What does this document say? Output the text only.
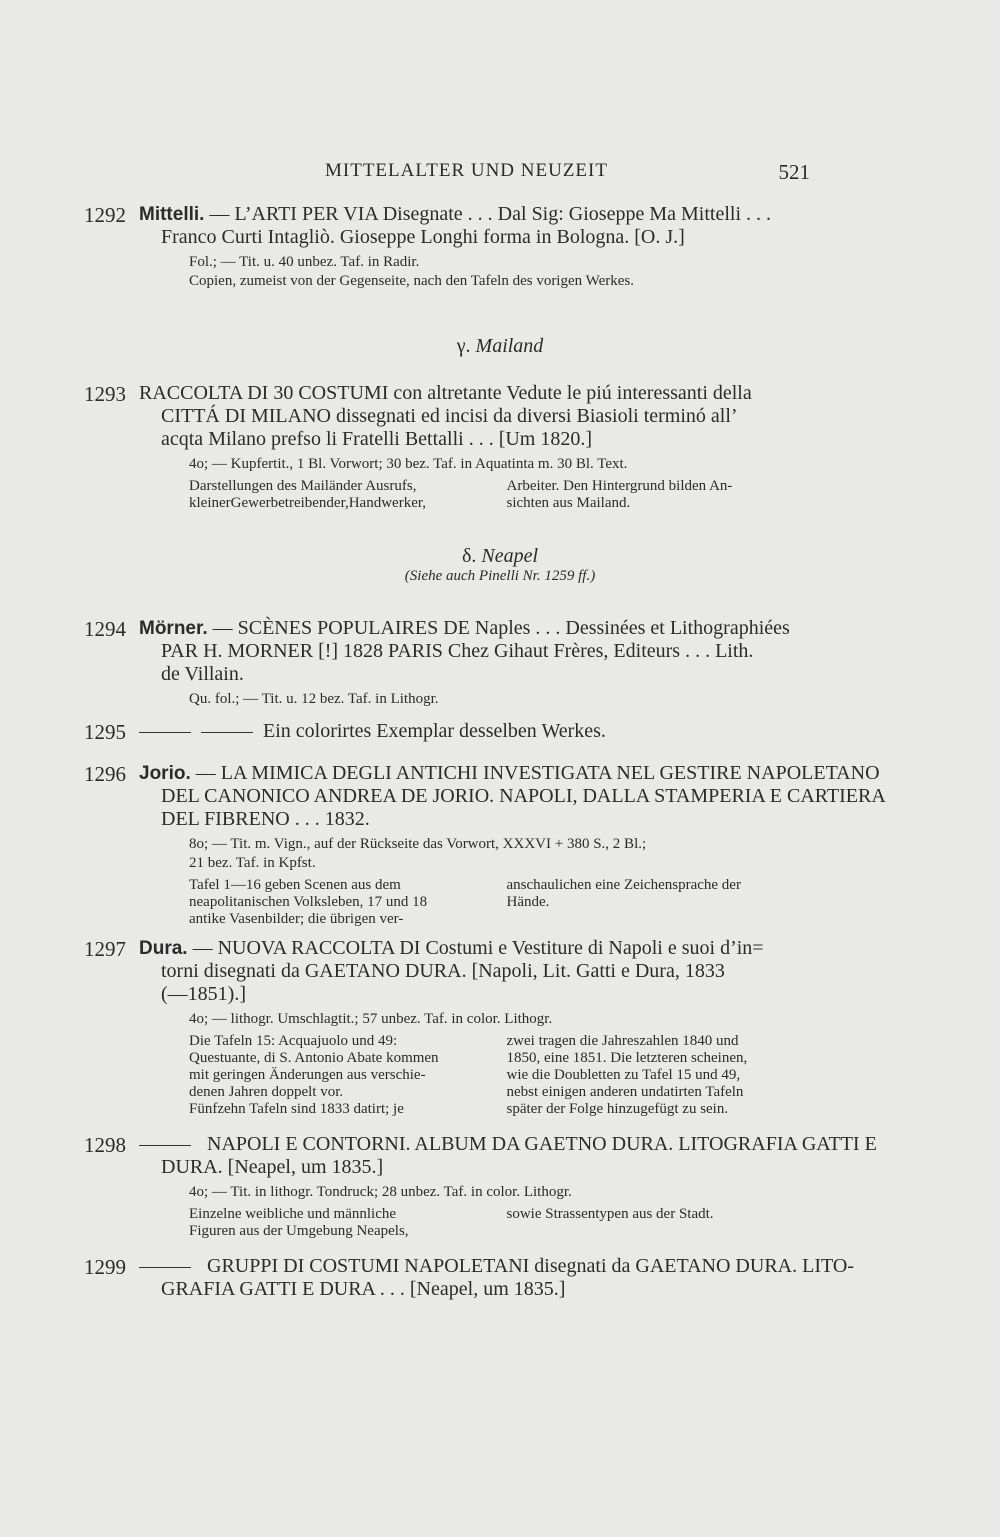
MITTELALTER UND NEUZEIT	521
1292 Mittelli. — L’ARTI PER VIA Disegnate . . . Dal Sig: Gioseppe Ma Mittelli . . .
Franco Curti Intagliò. Gioseppe Longhi forma in Bologna. [O. J.]
Fol.; — Tit. u. 40 unbez. Taf. in Radir.
Copien, zumeist von der Gegenseite, nach den Tafeln des vorigen Werkes.
γ. Mailand
1293 RACCOLTA DI 30 COSTUMI con altretante Vedute le piú interessanti della
CITTÁ DI MILANO dissegnati ed incisi da diversi Biasioli terminó all’
acqta Milano prefso li Fratelli Bettalli . . . [Um 1820.]
4o; — Kupfertit., 1 Bl. Vorwort; 30 bez. Taf. in Aquatinta m. 30 Bl. Text.
Darstellungen des Mailänder Ausrufs,
kleinerGewerbetreibender,Handwerker,
Arbeiter. Den Hintergrund bilden An-
sichten aus Mailand.
δ. Neapel
(Siehe auch Pinelli Nr. 1259 ff.)
1294 Mörner. — SCÈNES POPULAIRES DE Naples . . . Dessinées et Lithographiées
PAR H. MORNER [!] 1828 PARIS Chez Gihaut Frères, Editeurs . . . Lith.
de Villain.
Qu. fol.; — Tit. u. 12 bez. Taf. in Lithogr.
1295	Ein colorirtes Exemplar desselben Werkes.
1296 Jorio. — LA MIMICA DEGLI ANTICHI INVESTIGATA NEL GESTIRE NAPOLETANO
DEL CANONICO ANDREA DE JORIO. NAPOLI, DALLA STAMPERIA E CARTIERA
DEL FIBRENO . . . 1832.
8o; — Tit. m. Vign., auf der Rückseite das Vorwort, XXXVI + 380 S., 2 Bl.;
21 bez. Taf. in Kpfst.
Tafel 1—16 geben Scenen aus dem
neapolitanischen Volksleben, 17 und 18
antike Vasenbilder; die übrigen ver-
anschaulichen eine Zeichensprache der
Hände.
1297 Dura. — NUOVA RACCOLTA DI Costumi e Vestiture di Napoli e suoi d’in=
torni disegnati da GAETANO DURA. [Napoli, Lit. Gatti e Dura, 1833
(—1851).]
4o; — lithogr. Umschlagtit.; 57 unbez. Taf. in color. Lithogr.
Die Tafeln 15: Acquajuolo und 49:
Questuante, di S. Antonio Abate kommen
mit geringen Änderungen aus verschie-
denen Jahren doppelt vor.
Fünfzehn Tafeln sind 1833 datirt; je
zwei tragen die Jahreszahlen 1840 und
1850, eine 1851. Die letzteren scheinen,
wie die Doubletten zu Tafel 15 und 49,
nebst einigen anderen undatirten Tafeln
später der Folge hinzugefügt zu sein.
1298	NAPOLI E CONTORNI. ALBUM DA GAETNO DURA. LITOGRAFIA GATTI E
DURA. [Neapel, um 1835.]
4o; — Tit. in lithogr. Tondruck; 28 unbez. Taf. in color. Lithogr.
Einzelne weibliche und männliche
Figuren aus der Umgebung Neapels,
sowie Strassentypen aus der Stadt.
1299	GRUPPI DI COSTUMI NAPOLETANI disegnati da GAETANO DURA. LITO-
GRAFIA GATTI E DURA . . . [Neapel, um 1835.]
